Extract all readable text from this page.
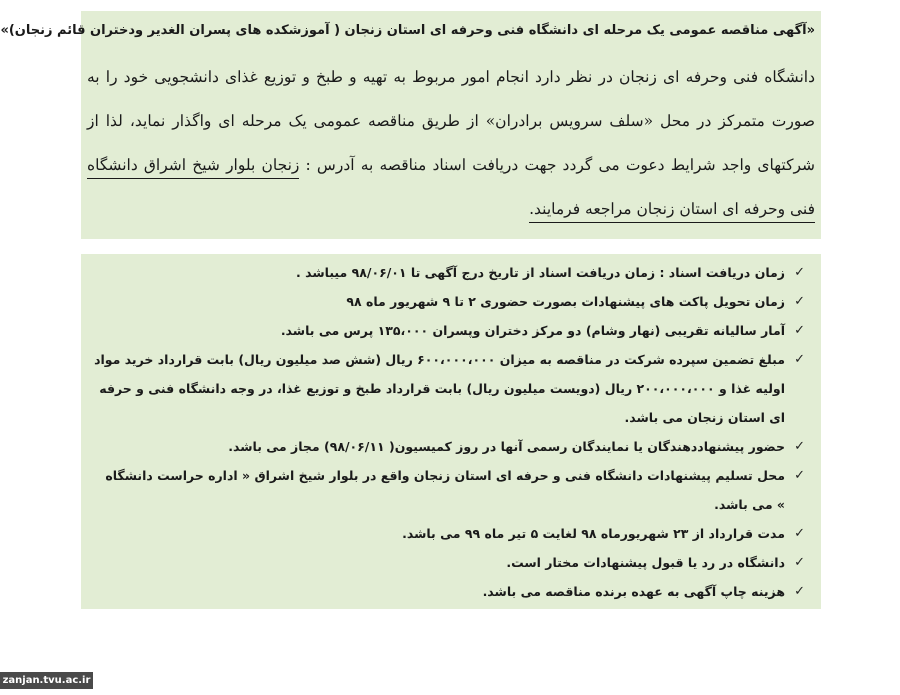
«آگهی مناقصه عمومی یک مرحله ای دانشگاه فنی وحرفه ای استان زنجان ( آموزشکده های پسران الغدیر ودختران قائم زنجان)»

دانشگاه فنی وحرفه ای زنجان در نظر دارد انجام امور مربوط به تهیه و طبخ و توزیع غذای دانشجویی خود را به صورت متمرکز در محل «سلف سرویس برادران» از طریق مناقصه عمومی یک مرحله ای واگذار نماید، لذا از شرکتهای واجد شرایط دعوت می گردد جهت دریافت اسناد مناقصه به آدرس : زنجان بلوار شیخ اشراق دانشگاه فنی وحرفه ای استان زنجان مراجعه فرمایند.

✓
زمان دریافت اسناد : زمان دریافت اسناد از تاریخ درج آگهی تا ۹۸/۰۶/۰۱ میباشد .
✓
زمان تحویل پاکت های پیشنهادات بصورت حضوری ۲ تا ۹ شهریور ماه ۹۸
✓
آمار سالیانه تقریبی (نهار وشام) دو مرکز دختران وپسران ۱۳۵،۰۰۰ پرس می باشد.
✓
مبلغ تضمین سپرده شرکت در مناقصه به میزان ۶۰۰،۰۰۰،۰۰۰ ریال (شش صد میلیون ریال) بابت قرارداد خرید مواد اولیه غذا و ۲۰۰،۰۰۰،۰۰۰ ریال (دویست میلیون ریال) بابت قرارداد طبخ و توزیع غذا، در وجه دانشگاه فنی و حرفه ای استان زنجان می باشد.
✓
حضور پیشنهاددهندگان یا نمایندگان رسمی آنها در روز کمیسیون( ۹۸/۰۶/۱۱) مجاز می باشد.
✓
محل تسلیم پیشنهادات دانشگاه فنی و حرفه ای استان زنجان واقع در بلوار شیخ اشراق « اداره حراست دانشگاه » می باشد.
✓
مدت قرارداد از ۲۳ شهریورماه ۹۸ لغایت ۵ تیر ماه ۹۹ می باشد.
✓
دانشگاه در رد یا قبول پیشنهادات مختار است.
✓
هزینه چاپ آگهی به عهده برنده مناقصه می باشد.
zanjan.tvu.ac.ir
